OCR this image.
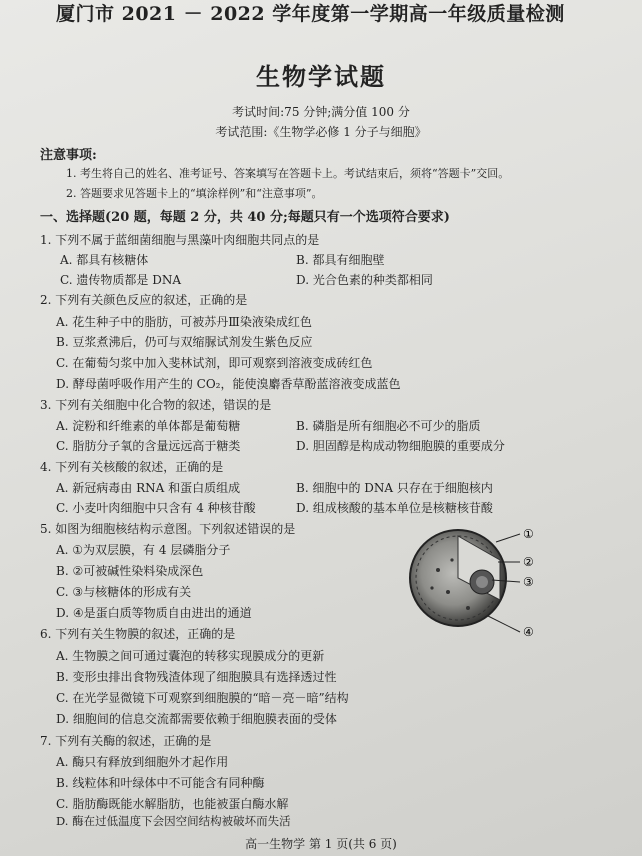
厦门市 2021 － 2022 学年度第一学期高一年级质量检测
生物学试题
考试时间:75 分钟;满分值 100 分
考试范围:《生物学必修 1 分子与细胞》
注意事项:
1. 考生将自己的姓名、准考证号、答案填写在答题卡上。考试结束后，须将“答题卡”交回。
2. 答题要求见答题卡上的“填涂样例”和“注意事项”。
一、选择题(20 题，每题 2 分，共 40 分;每题只有一个选项符合要求)
1. 下列不属于蓝细菌细胞与黑藻叶肉细胞共同点的是
A. 都具有核糖体	B. 都具有细胞壁
C. 遗传物质都是 DNA	D. 光合色素的种类都相同
2. 下列有关颜色反应的叙述，正确的是
A. 花生种子中的脂肪，可被苏丹Ⅲ染液染成红色
B. 豆浆煮沸后，仍可与双缩脲试剂发生紫色反应
C. 在葡萄匀浆中加入斐林试剂，即可观察到溶液变成砖红色
D. 酵母菌呼吸作用产生的 CO₂，能使溴麝香草酚蓝溶液变成蓝色
3. 下列有关细胞中化合物的叙述，错误的是
A. 淀粉和纤维素的单体都是葡萄糖	B. 磷脂是所有细胞必不可少的脂质
C. 脂肪分子氧的含量远远高于糖类	D. 胆固醇是构成动物细胞膜的重要成分
4. 下列有关核酸的叙述，正确的是
A. 新冠病毒由 RNA 和蛋白质组成	B. 细胞中的 DNA 只存在于细胞核内
C. 小麦叶肉细胞中只含有 4 种核苷酸	D. 组成核酸的基本单位是核糖核苷酸
5. 如图为细胞核结构示意图。下列叙述错误的是
A. ①为双层膜，有 4 层磷脂分子
B. ②可被碱性染料染成深色
C. ③与核糖体的形成有关
D. ④是蛋白质等物质自由进出的通道
①
②
③
④
6. 下列有关生物膜的叙述，正确的是
A. 生物膜之间可通过囊泡的转移实现膜成分的更新
B. 变形虫排出食物残渣体现了细胞膜具有选择透过性
C. 在光学显微镜下可观察到细胞膜的“暗－亮－暗”结构
D. 细胞间的信息交流都需要依赖于细胞膜表面的受体
7. 下列有关酶的叙述，正确的是
A. 酶只有释放到细胞外才起作用
B. 线粒体和叶绿体中不可能含有同种酶
C. 脂肪酶既能水解脂肪，也能被蛋白酶水解
D. 酶在过低温度下会因空间结构被破坏而失活
高一生物学 第 1 页(共 6 页)
